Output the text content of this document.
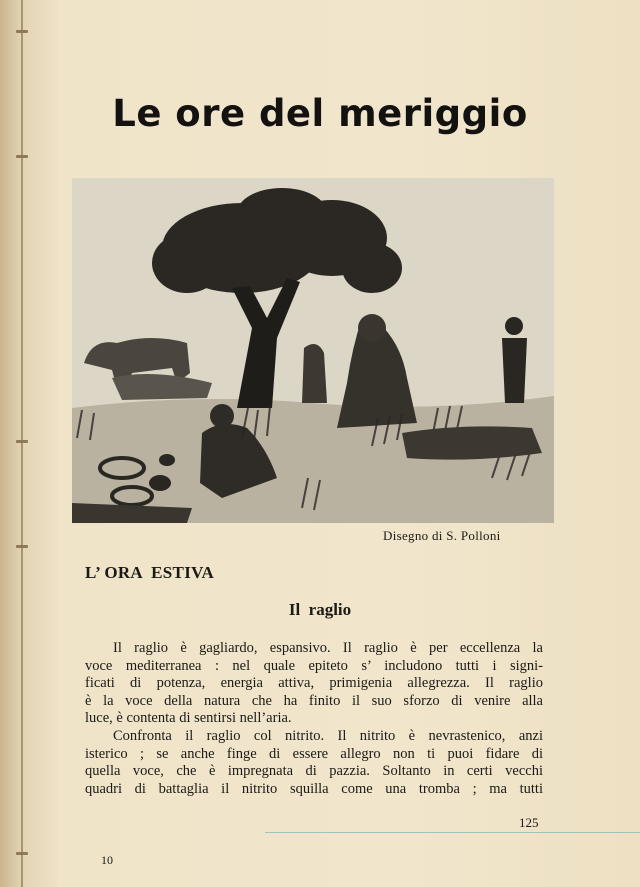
Le ore del meriggio
Disegno di S. Polloni
L’ ORA  ESTIVA
Il  raglio

Il raglio è gagliardo, espansivo. Il raglio è per eccellenza la
voce mediterranea : nel quale epiteto s’ includono tutti i signi-
ficati di potenza, energia attiva, primigenia allegrezza. Il raglio
è la voce della natura che ha finito il suo sforzo di venire alla
luce, è contenta di sentirsi nell’aria.

Confronta il raglio col nitrito. Il nitrito è nevrastenico, anzi
isterico ; se anche finge di essere allegro non ti puoi fidare di
quella voce, che è impregnata di pazzia. Soltanto in certi vecchi
quadri di battaglia il nitrito squilla come una tromba ; ma tutti

125
10
